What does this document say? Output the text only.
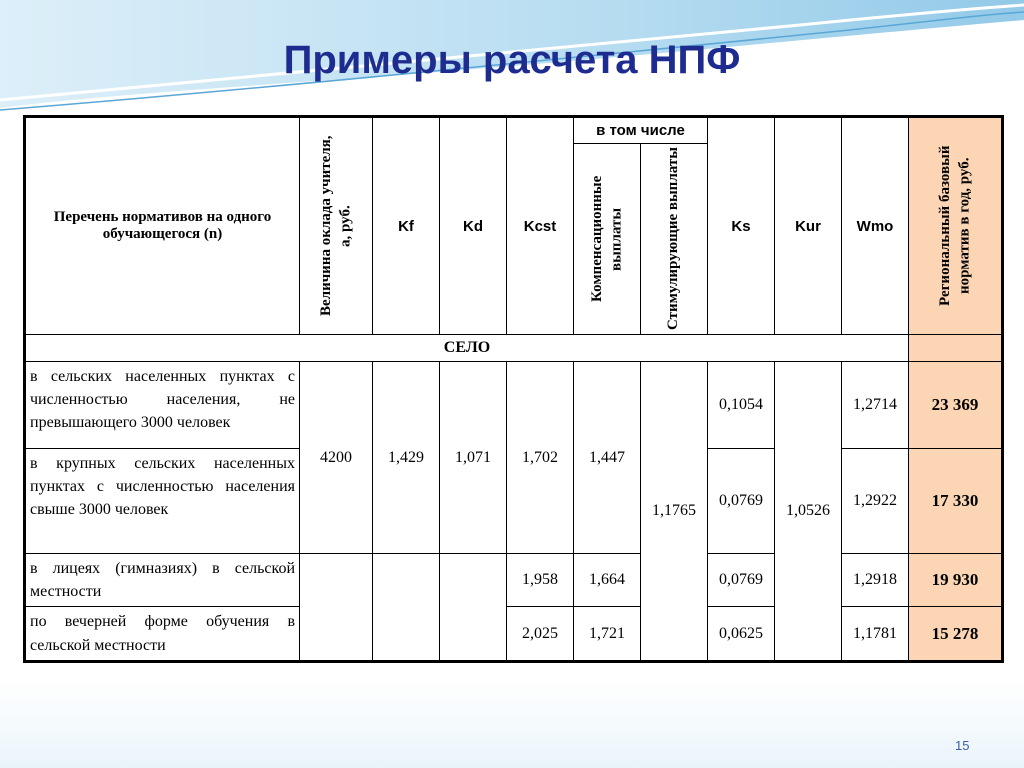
Примеры расчета НПФ
Перечень нормативов на одного обучающегося (n)	Величина оклада учителя, а, руб.	Kf	Kd	Kcst	в том числе		Ks	Kur	Wmo	Региональный базовый норматив в год, руб.

					Компенсационные выплаты	Стимулирующие выплаты				

СЕЛО										
в сельских населенных пунктах с численностью населения, не превышающего 3000 человек	4200	1,429	1,071	1,702	1,447	1,1765	0,1054	1,0526	1,2714	23 369
в крупных сельских населенных пунктах с численностью населения свыше 3000 человек							0,0769		1,2922	17 330
в лицеях (гимназиях) в сельской местности				1,958	1,664		0,0769		1,2918	19 930
по вечерней форме обучения в сельской местности				2,025	1,721		0,0625		1,1781	15 278
15
